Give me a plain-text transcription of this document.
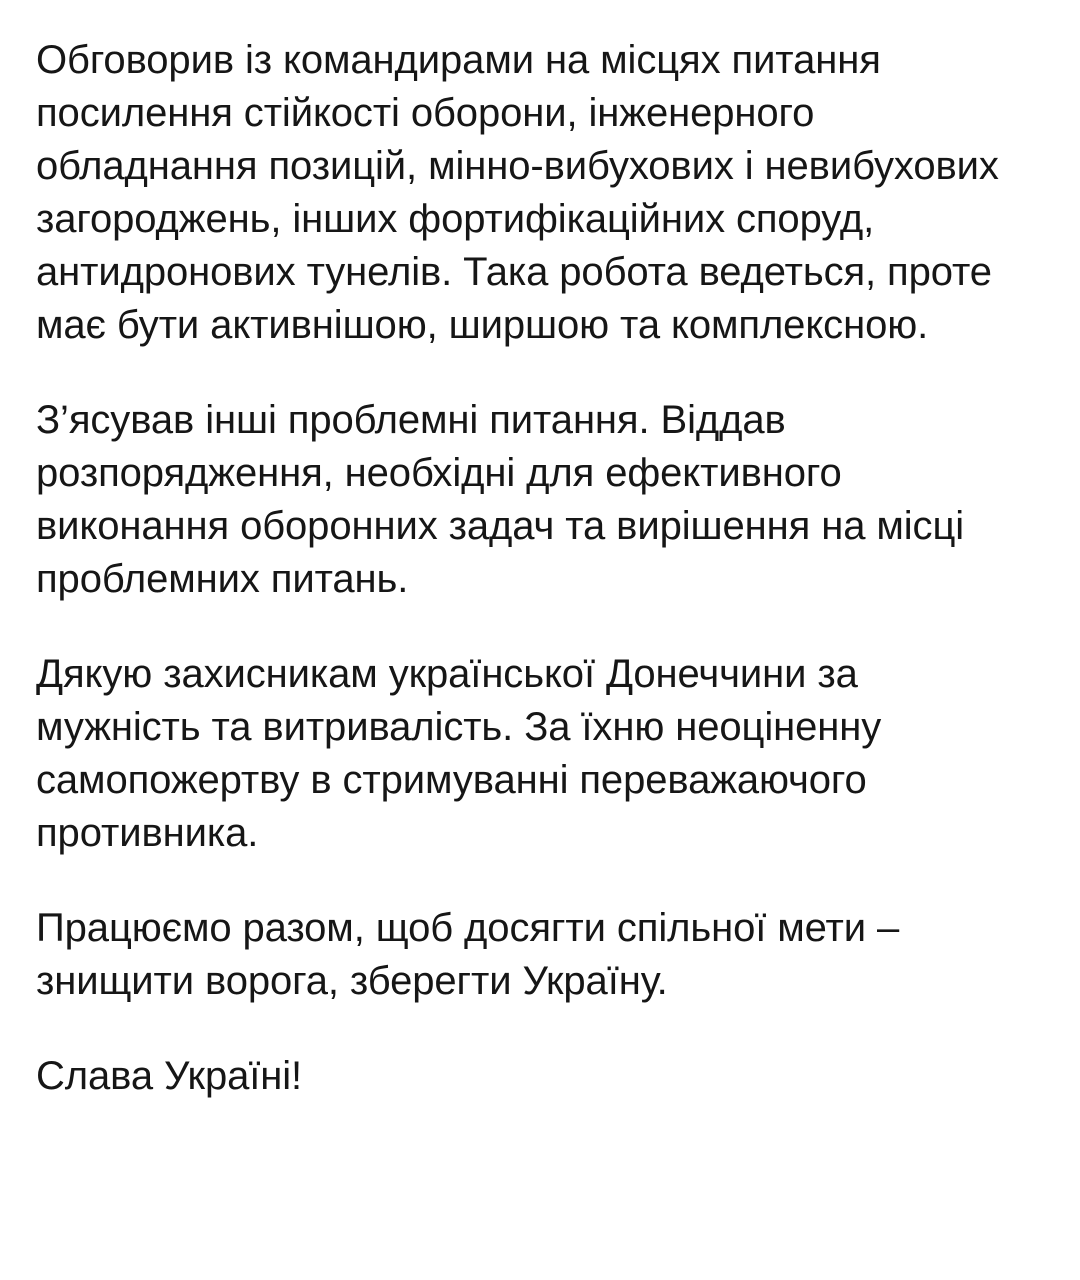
Обговорив із командирами на місцях питання посилення стійкості оборони, інженерного обладнання позицій, мінно-вибухових і невибухових загороджень, інших фортифікаційних споруд, антидронових тунелів. Така робота ведеться, проте має бути активнішою, ширшою та комплексною.

З’ясував інші проблемні питання. Віддав розпорядження, необхідні для ефективного виконання оборонних задач та вирішення на місці проблемних питань.

Дякую захисникам української Донеччини за мужність та витривалість. За їхню неоціненну самопожертву в стримуванні переважаючого противника.

Працюємо разом, щоб досягти спільної мети – знищити ворога, зберегти Україну.

Слава Україні!
